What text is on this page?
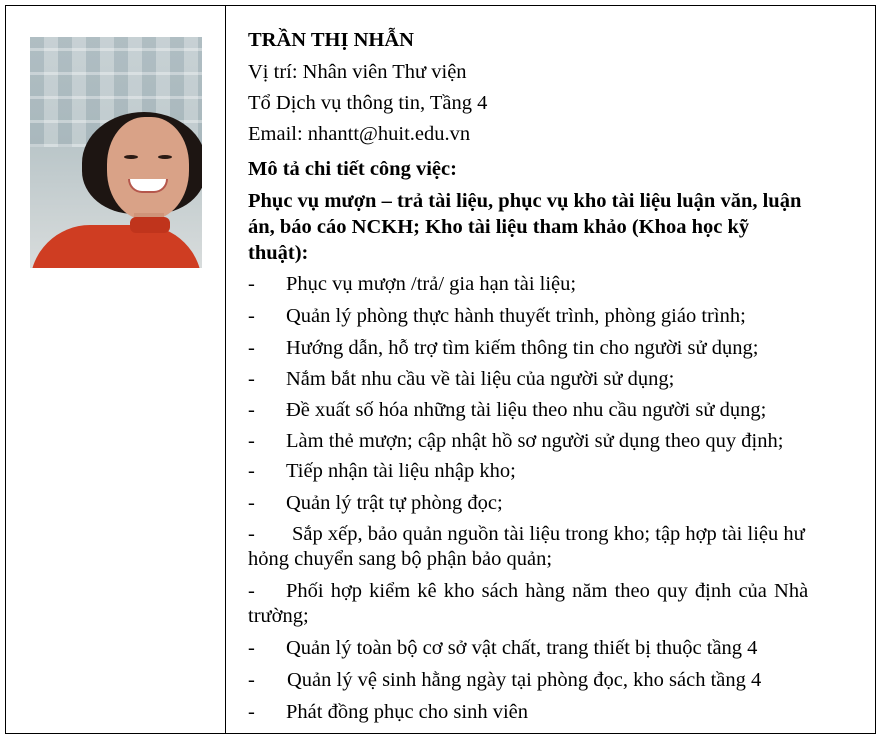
TRẦN THỊ NHẪN
Vị trí: Nhân viên Thư viện
Tổ Dịch vụ thông tin, Tầng 4
Email: nhantt@huit.edu.vn
Mô tả chi tiết công việc:
Phục vụ mượn – trả tài liệu, phục vụ kho tài liệu luận văn, luận
án, báo cáo NCKH; Kho tài liệu tham khảo (Khoa học kỹ
thuật):
- Phục vụ mượn /trả/ gia hạn tài liệu;
- Quản lý phòng thực hành thuyết trình, phòng giáo trình;
- Hướng dẫn, hỗ trợ tìm kiếm thông tin cho người sử dụng;
- Nắm bắt nhu cầu về tài liệu của người sử dụng;
- Đề xuất số hóa những tài liệu theo nhu cầu người sử dụng;
- Làm thẻ mượn; cập nhật hồ sơ người sử dụng theo quy định;
- Tiếp nhận tài liệu nhập kho;
- Quản lý trật tự phòng đọc;
- Sắp xếp, bảo quản nguồn tài liệu trong kho; tập hợp tài liệu hư
hỏng chuyển sang bộ phận bảo quản;
- Phối hợp kiểm kê kho sách hàng năm theo quy định của Nhà
trường;
- Quản lý toàn bộ cơ sở vật chất, trang thiết bị thuộc tầng 4
- Quản lý vệ sinh hằng ngày tại phòng đọc, kho sách tầng 4
- Phát đồng phục cho sinh viên
